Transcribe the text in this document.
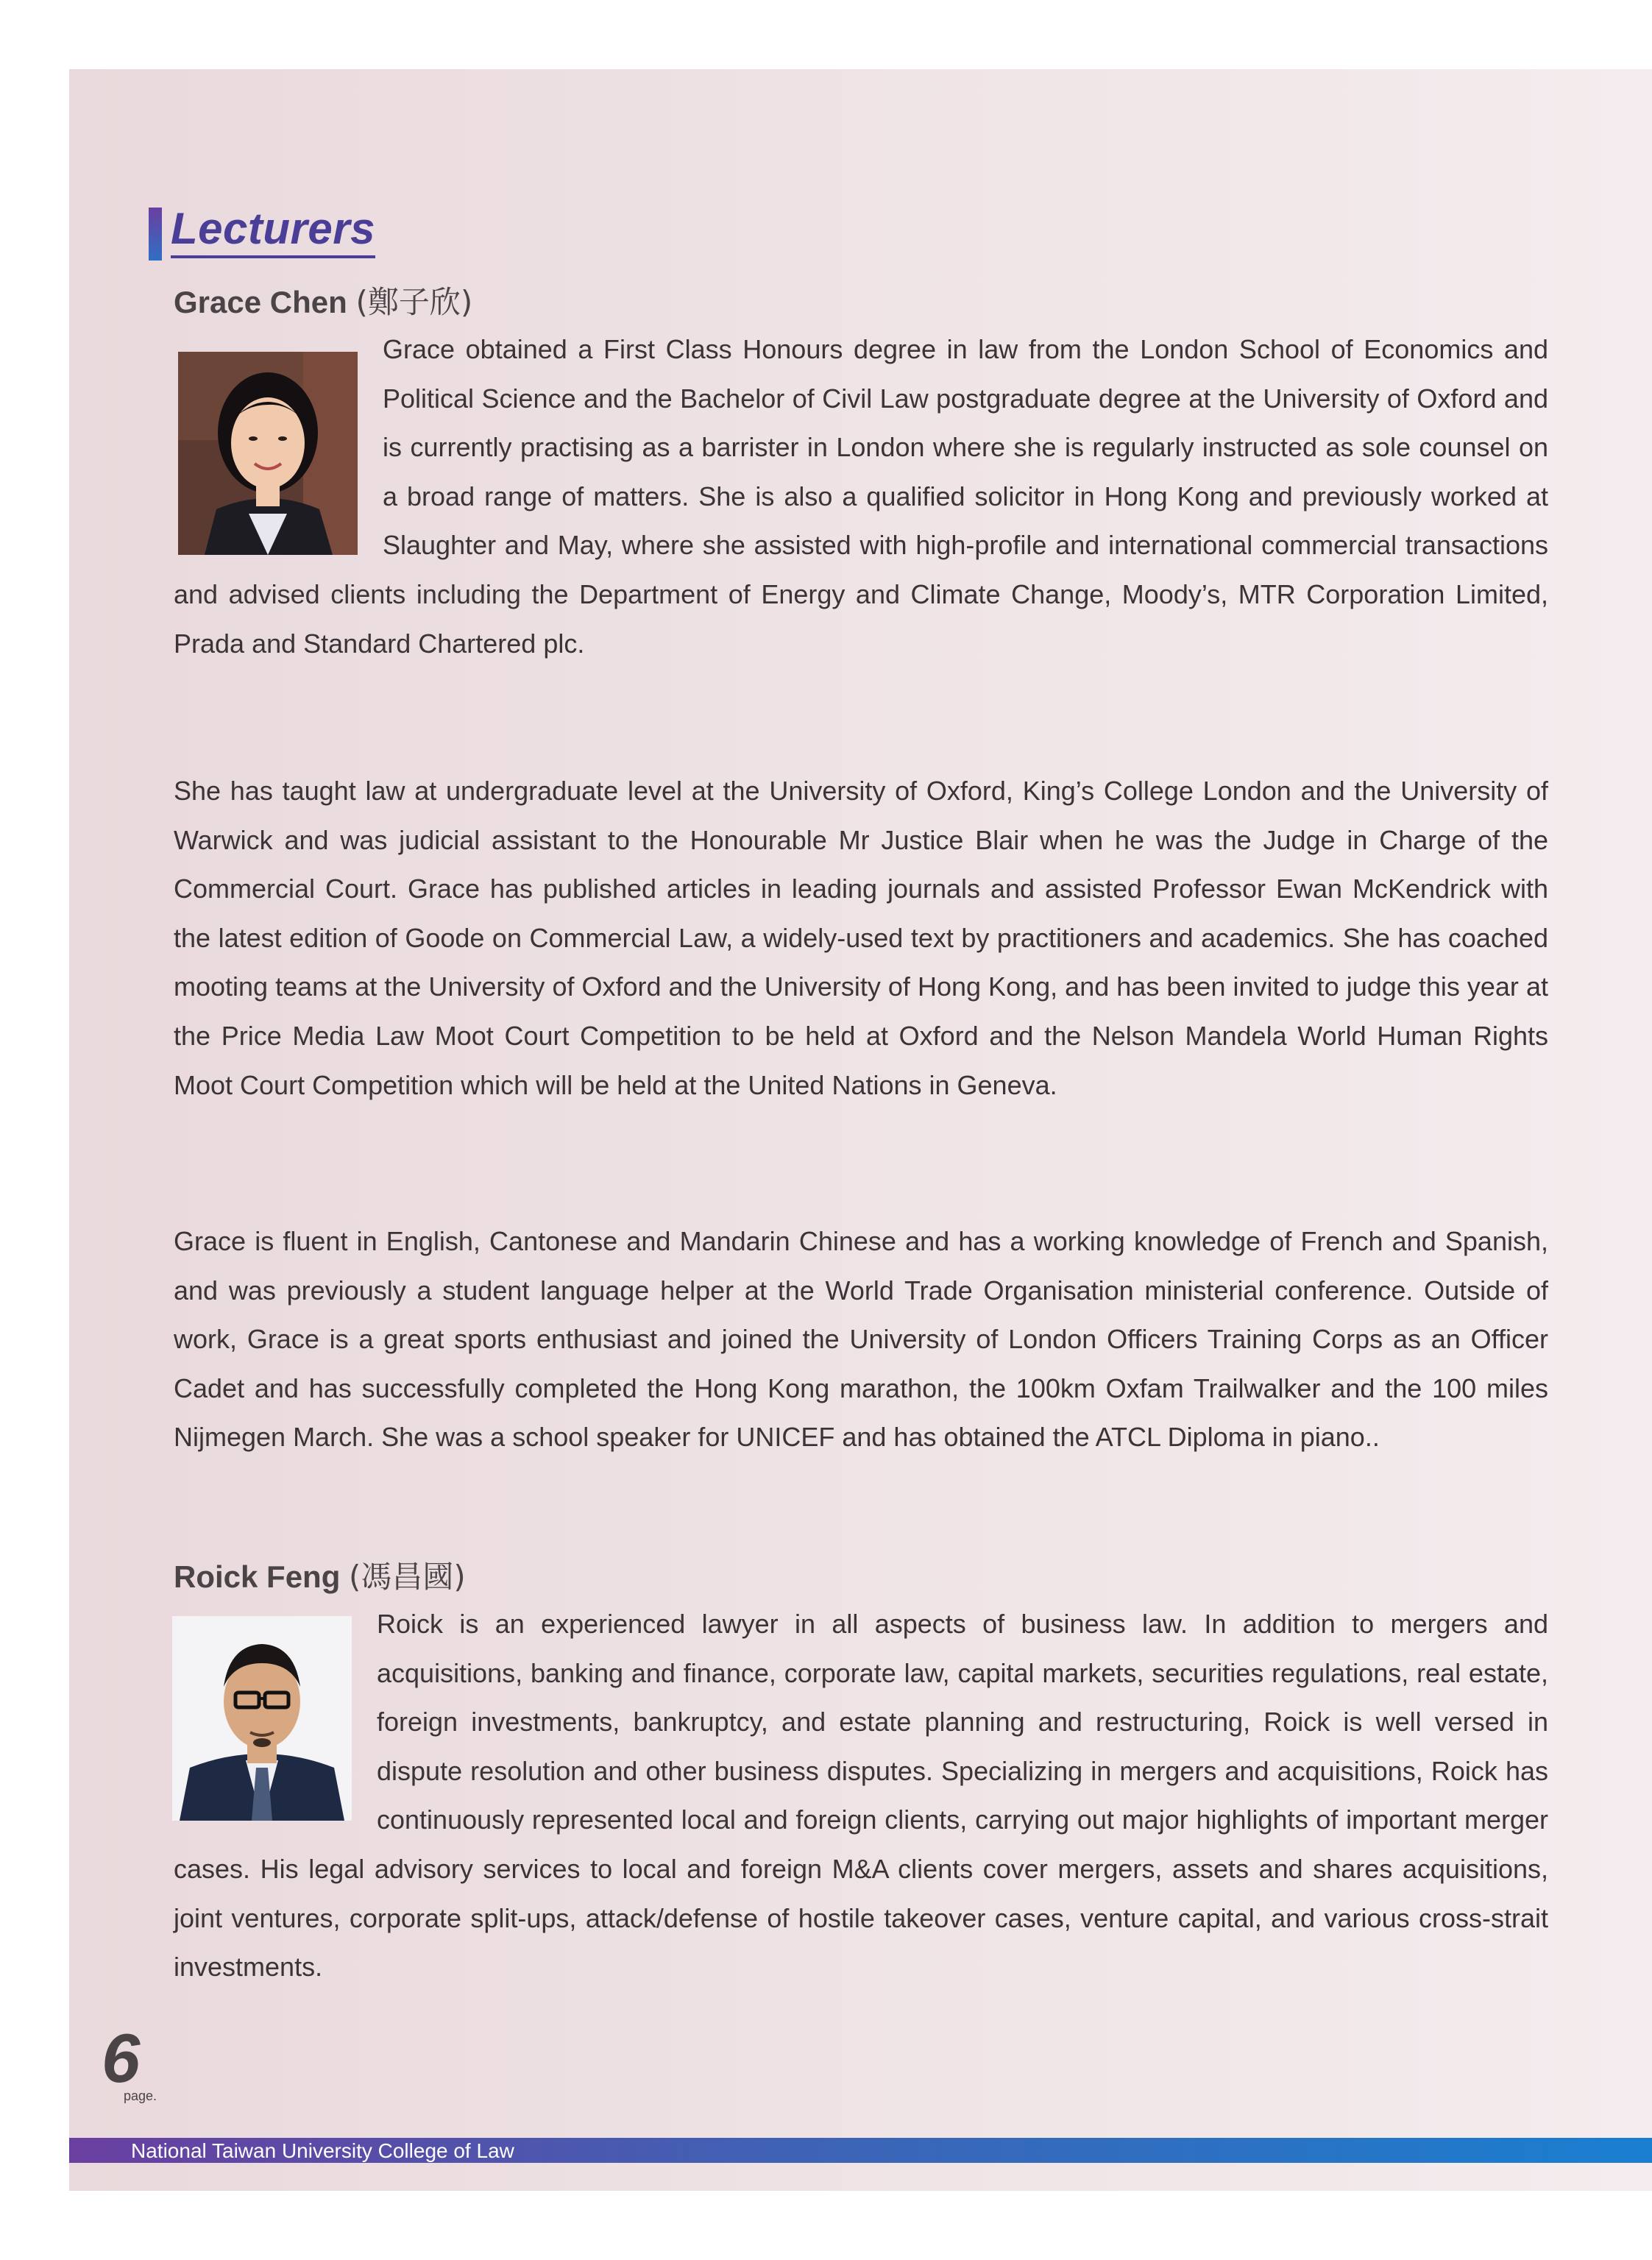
Lecturers
Grace Chen (鄭子欣)

Grace obtained a First Class Honours degree in law from the London School of Economics and Political Science and the Bachelor of Civil Law postgraduate degree at the University of Oxford and is currently practising as a barrister in London where she is regularly instructed as sole counsel on a broad range of matters. She is also a qualified solicitor in Hong Kong and previously worked at Slaughter and May, where she assisted with high-profile and international commercial transactions
and advised clients including the Department of Energy and Climate Change, Moody’s, MTR Corporation Limited, Prada and Standard Chartered plc.

She has taught law at undergraduate level at the University of Oxford, King’s College London and the University of Warwick and was judicial assistant to the Honourable Mr Justice Blair when he was the Judge in Charge of the Commercial Court. Grace has published articles in leading journals and assisted Professor Ewan McKendrick with the latest edition of Goode on Commercial Law, a widely-used text by practitioners and academics. She has coached mooting teams at the University of Oxford and the University of Hong Kong, and has been invited to judge this year at the Price Media Law Moot Court Competition to be held at Oxford and the Nelson Mandela World Human Rights Moot Court Competition which will be held at the United Nations in Geneva.

Grace is fluent in English, Cantonese and Mandarin Chinese and has a working knowledge of French and Spanish, and was previously a student language helper at the World Trade Organisation ministerial conference. Outside of work, Grace is a great sports enthusiast and joined the University of London Officers Training Corps as an Officer Cadet and has successfully completed the Hong Kong marathon, the 100km Oxfam Trailwalker and the 100 miles Nijmegen March. She was a school speaker for UNICEF and has obtained the ATCL Diploma in piano..

Roick Feng (馮昌國)

Roick is an experienced lawyer in all aspects of business law. In addition to mergers and acquisitions, banking and finance, corporate law, capital markets, securities regulations, real estate, foreign investments, bankruptcy, and estate planning and restructuring, Roick is well versed in dispute resolution and other business disputes. Specializing in mergers and acquisitions, Roick has continuously represented local and foreign clients, carrying out major highlights of important merger
cases. His legal advisory services to local and foreign M&A clients cover mergers, assets and shares acquisitions, joint ventures, corporate split-ups, attack/defense of hostile takeover cases, venture capital, and various cross-strait investments.

6
page.
National Taiwan University College of Law
